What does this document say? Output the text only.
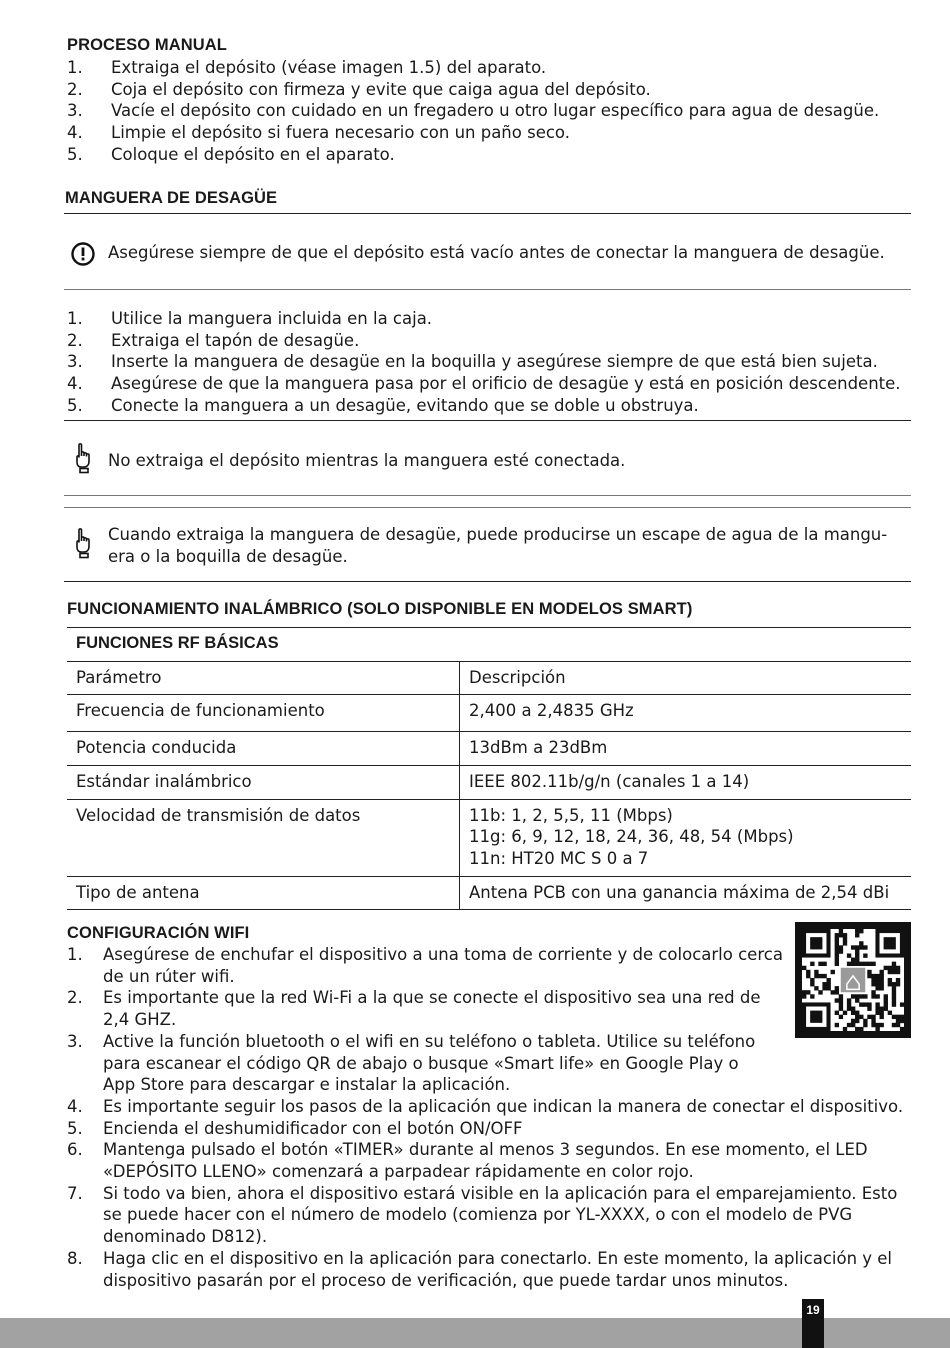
PROCESO MANUAL
1. Extraiga el depósito (véase imagen 1.5) del aparato.
2. Coja el depósito con firmeza y evite que caiga agua del depósito.
3. Vacíe el depósito con cuidado en un fregadero u otro lugar específico para agua de desagüe.
4. Limpie el depósito si fuera necesario con un paño seco.
5. Coloque el depósito en el aparato.
MANGUERA DE DESAGÜE
Asegúrese siempre de que el depósito está vacío antes de conectar la manguera de desagüe.
1. Utilice la manguera incluida en la caja.
2. Extraiga el tapón de desagüe.
3. Inserte la manguera de desagüe en la boquilla y asegúrese siempre de que está bien sujeta.
4. Asegúrese de que la manguera pasa por el orificio de desagüe y está en posición descendente.
5. Conecte la manguera a un desagüe, evitando que se doble u obstruya.
No extraiga el depósito mientras la manguera esté conectada.
Cuando extraiga la manguera de desagüe, puede producirse un escape de agua de la mangu-
era o la boquilla de desagüe.
FUNCIONAMIENTO INALÁMBRICO (SOLO DISPONIBLE EN MODELOS SMART)
FUNCIONES RF BÁSICAS	
Parámetro	Descripción
Frecuencia de funcionamiento	2,400 a 2,4835 GHz
Potencia conducida	13dBm a 23dBm
Estándar inalámbrico	IEEE 802.11b/g/n (canales 1 a 14)
Velocidad de transmisión de datos	11b: 1, 2, 5,5, 11 (Mbps)
11g: 6, 9, 12, 18, 24, 36, 48, 54 (Mbps)
11n: HT20 MC S 0 a 7

Tipo de antena	Antena PCB con una ganancia máxima de 2,54 dBi
CONFIGURACIÓN WIFI
1. Asegúrese de enchufar el dispositivo a una toma de corriente y de colocarlo cerca
de un rúter wifi.
2. Es importante que la red Wi-Fi a la que se conecte el dispositivo sea una red de
2,4 GHZ.
3. Active la función bluetooth o el wifi en su teléfono o tableta. Utilice su teléfono
para escanear el código QR de abajo o busque «Smart life» en Google Play o
App Store para descargar e instalar la aplicación.
4. Es importante seguir los pasos de la aplicación que indican la manera de conectar el dispositivo.
5. Encienda el deshumidificador con el botón ON/OFF
6. Mantenga pulsado el botón «TIMER» durante al menos 3 segundos. En ese momento, el LED
«DEPÓSITO LLENO» comenzará a parpadear rápidamente en color rojo.
7. Si todo va bien, ahora el dispositivo estará visible en la aplicación para el emparejamiento. Esto
se puede hacer con el número de modelo (comienza por YL-XXXX, o con el modelo de PVG
denominado D812).
8. Haga clic en el dispositivo en la aplicación para conectarlo. En este momento, la aplicación y el
dispositivo pasarán por el proceso de verificación, que puede tardar unos minutos.
19
